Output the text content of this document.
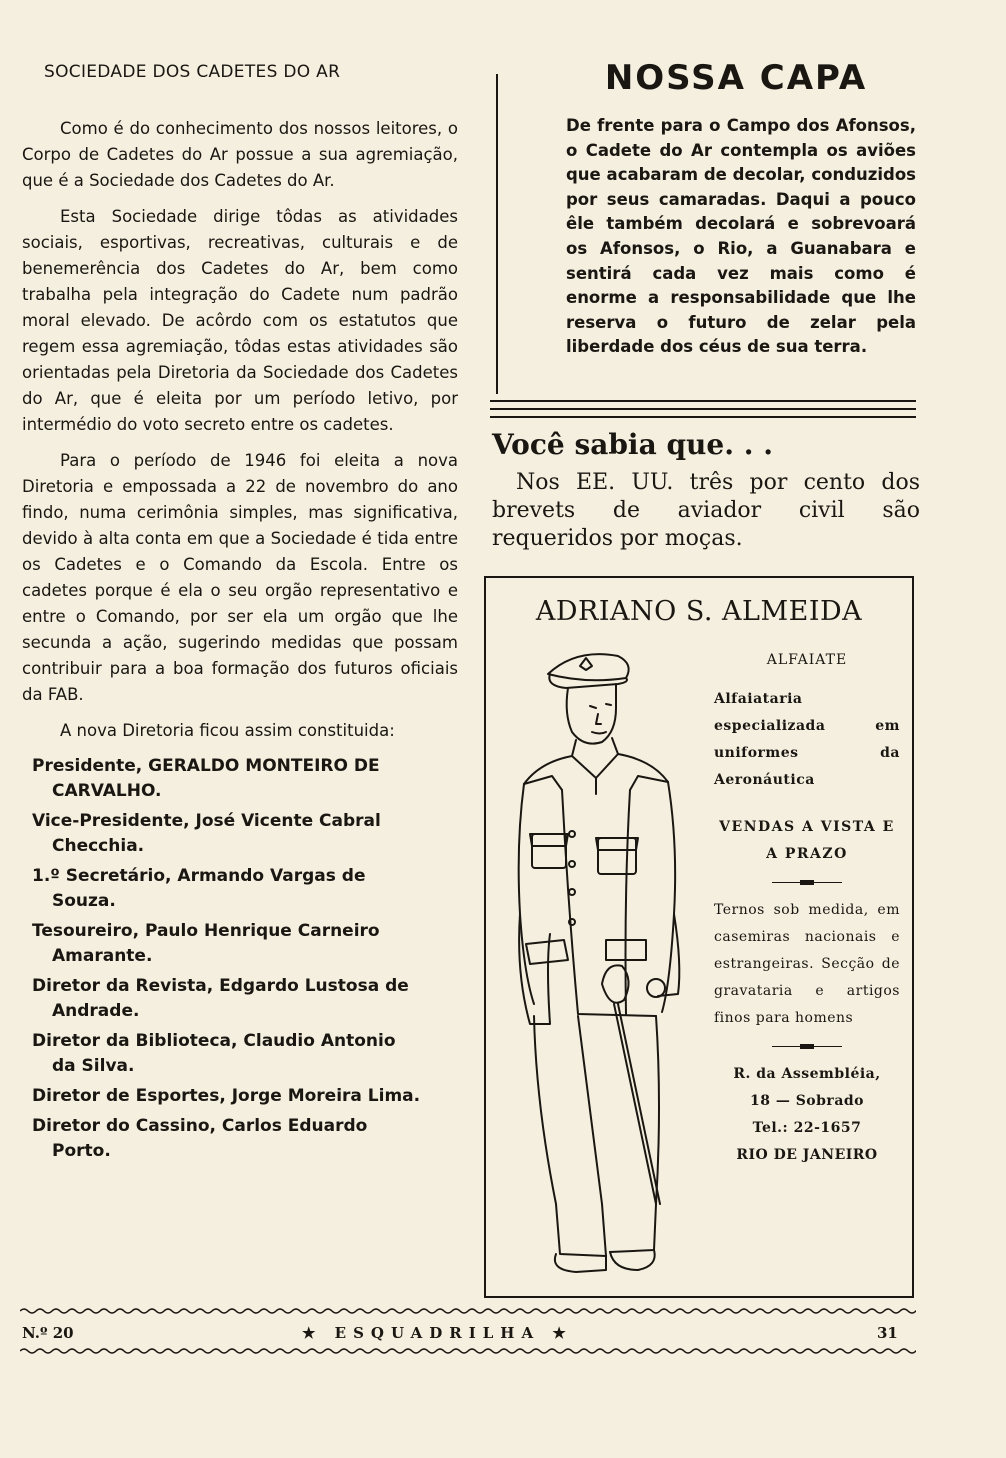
SOCIEDADE DOS CADETES DO AR

Como é do conhecimento dos nossos leitores, o Corpo de Cadetes do Ar possue a sua agremiação, que é a Sociedade dos Cadetes do Ar.

Esta Sociedade dirige tôdas as atividades sociais, esportivas, recreativas, culturais e de benemerência dos Cadetes do Ar, bem como trabalha pela integração do Cadete num padrão moral elevado. De acôrdo com os estatutos que regem essa agremiação, tôdas estas atividades são orientadas pela Diretoria da Sociedade dos Cadetes do Ar, que é eleita por um período letivo, por intermédio do voto secreto entre os cadetes.

Para o período de 1946 foi eleita a nova Diretoria e empossada a 22 de novembro do ano findo, numa cerimônia simples, mas significativa, devido à alta conta em que a Sociedade é tida entre os Cadetes e o Comando da Escola. Entre os cadetes porque é ela o seu orgão representativo e entre o Comando, por ser ela um orgão que lhe secunda a ação, sugerindo medidas que possam contribuir para a boa formação dos futuros oficiais da FAB.

A nova Diretoria ficou assim constituida:

Presidente, GERALDO MONTEIRO DE
CARVALHO.
Vice-Presidente, José Vicente Cabral
Checchia.
1.º Secretário, Armando Vargas de
Souza.
Tesoureiro, Paulo Henrique Carneiro
Amarante.
Diretor da Revista, Edgardo Lustosa de
Andrade.
Diretor da Biblioteca, Claudio Antonio
da Silva.
Diretor de Esportes, Jorge Moreira Lima.
Diretor do Cassino, Carlos Eduardo
Porto.
NOSSA CAPA

De frente para o Campo dos Afonsos, o Cadete do Ar contempla os aviões que acabaram de decolar, conduzidos por seus camaradas. Daqui a pouco êle também decolará e sobrevoará os Afonsos, o Rio, a Guanabara e sentirá cada vez mais como é enorme a responsabilidade que lhe reserva o futuro de zelar pela liberdade dos céus de sua terra.

Você sabia que. . .

Nos EE. UU. três por cento dos brevets de aviador civil são requeridos por moças.

ADRIANO S. ALMEIDA
ALFAIATE
Alfaiataria especializada em uniformes da Aeronáutica
VENDAS A VISTA E A PRAZO
Ternos sob medida, em casemiras nacionais e estrangeiras. Secção de gravataria e artigos finos para homens
R. da Assembléia,
18 — Sobrado
Tel.: 22-1657
RIO DE JANEIRO
N.º 20	★ ESQUADRILHA ★	31
